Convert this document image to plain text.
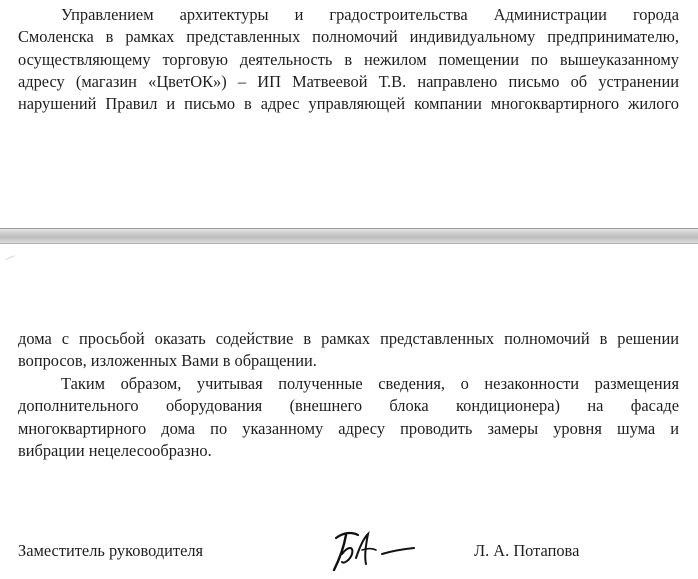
Управлением архитектуры и градостроительства Администрации города
Смоленска в рамках представленных полномочий индивидуальному предпринимателю,
осуществляющему торговую деятельность в нежилом помещении по вышеуказанному
адресу (магазин «ЦветОК») – ИП Матвеевой Т.В. направлено письмо об устранении
нарушений Правил и письмо в адрес управляющей компании многоквартирного жилого
дома с просьбой оказать содействие в рамках представленных полномочий в решении
вопросов, изложенных Вами в обращении.
Таким образом, учитывая полученные сведения, о незаконности размещения
дополнительного оборудования (внешнего блока кондиционера) на фасаде
многоквартирного дома по указанному адресу проводить замеры уровня шума и
вибрации нецелесообразно.
Заместитель руководителя	Л. А. Потапова
